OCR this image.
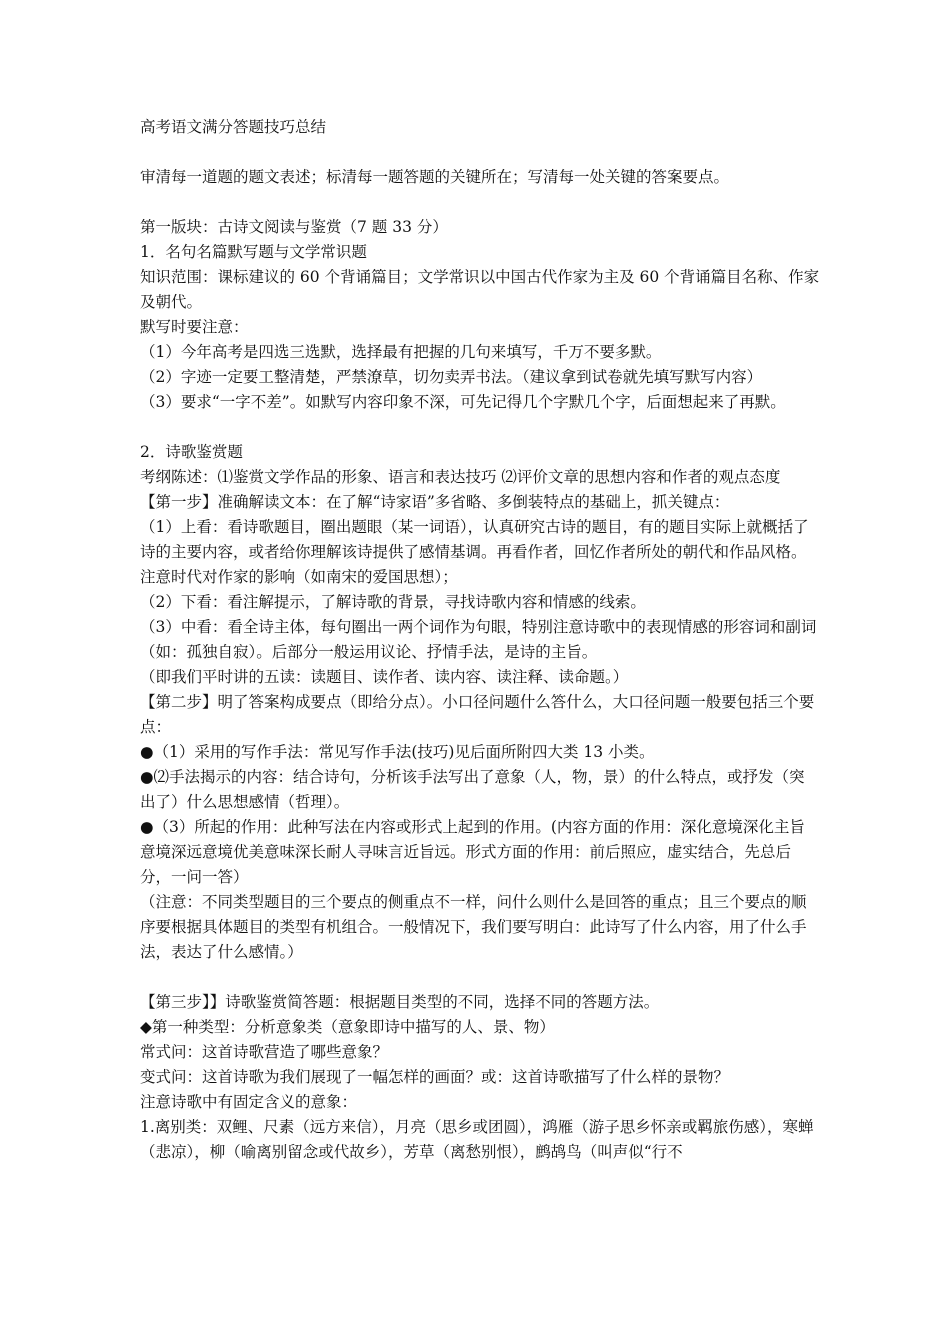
高考语文满分答题技巧总结
审清每一道题的题文表述；标清每一题答题的关键所在；写清每一处关键的答案要点。
第一版块：古诗文阅读与鉴赏（7 题 33 分）
1．名句名篇默写题与文学常识题
知识范围：课标建议的 60 个背诵篇目；文学常识以中国古代作家为主及 60 个背诵篇目名称、作家及朝代。
默写时要注意：
（1）今年高考是四选三选默，选择最有把握的几句来填写，千万不要多默。
（2）字迹一定要工整清楚，严禁潦草，切勿卖弄书法。（建议拿到试卷就先填写默写内容）
（3）要求“一字不差”。如默写内容印象不深，可先记得几个字默几个字，后面想起来了再默。
2．诗歌鉴赏题
考纲陈述：⑴鉴赏文学作品的形象、语言和表达技巧 ⑵评价文章的思想内容和作者的观点态度
【第一步】准确解读文本：在了解“诗家语”多省略、多倒装特点的基础上，抓关键点：
（1）上看：看诗歌题目，圈出题眼（某一词语），认真研究古诗的题目，有的题目实际上就概括了诗的主要内容，或者给你理解该诗提供了感情基调。再看作者，回忆作者所处的朝代和作品风格。注意时代对作家的影响（如南宋的爱国思想）；
（2）下看：看注解提示，了解诗歌的背景，寻找诗歌内容和情感的线索。
（3）中看：看全诗主体，每句圈出一两个词作为句眼，特别注意诗歌中的表现情感的形容词和副词（如：孤独自寂）。后部分一般运用议论、抒情手法，是诗的主旨。
（即我们平时讲的五读：读题目、读作者、读内容、读注释、读命题。）
【第二步】明了答案构成要点（即给分点）。小口径问题什么答什么，大口径问题一般要包括三个要点：
●（1）采用的写作手法：常见写作手法(技巧)见后面所附四大类 13 小类。
●⑵手法揭示的内容：结合诗句，分析该手法写出了意象（人，物，景）的什么特点，或抒发（突出了）什么思想感情（哲理）。
●（3）所起的作用：此种写法在内容或形式上起到的作用。(内容方面的作用：深化意境深化主旨意境深远意境优美意味深长耐人寻味言近旨远。形式方面的作用：前后照应，虚实结合，先总后分，一问一答）
（注意：不同类型题目的三个要点的侧重点不一样，问什么则什么是回答的重点；且三个要点的顺序要根据具体题目的类型有机组合。一般情况下，我们要写明白：此诗写了什么内容，用了什么手法，表达了什么感情。）
【第三步】】诗歌鉴赏简答题：根据题目类型的不同，选择不同的答题方法。
◆第一种类型：分析意象类（意象即诗中描写的人、景、物）
常式问：这首诗歌营造了哪些意象？
变式问：这首诗歌为我们展现了一幅怎样的画面？或：这首诗歌描写了什么样的景物？
注意诗歌中有固定含义的意象：
1.离别类：双鲤、尺素（远方来信），月亮（思乡或团圆），鸿雁（游子思乡怀亲或羁旅伤感），寒蝉（悲凉），柳（喻离别留念或代故乡），芳草（离愁别恨），鹧鸪鸟（叫声似“行不
